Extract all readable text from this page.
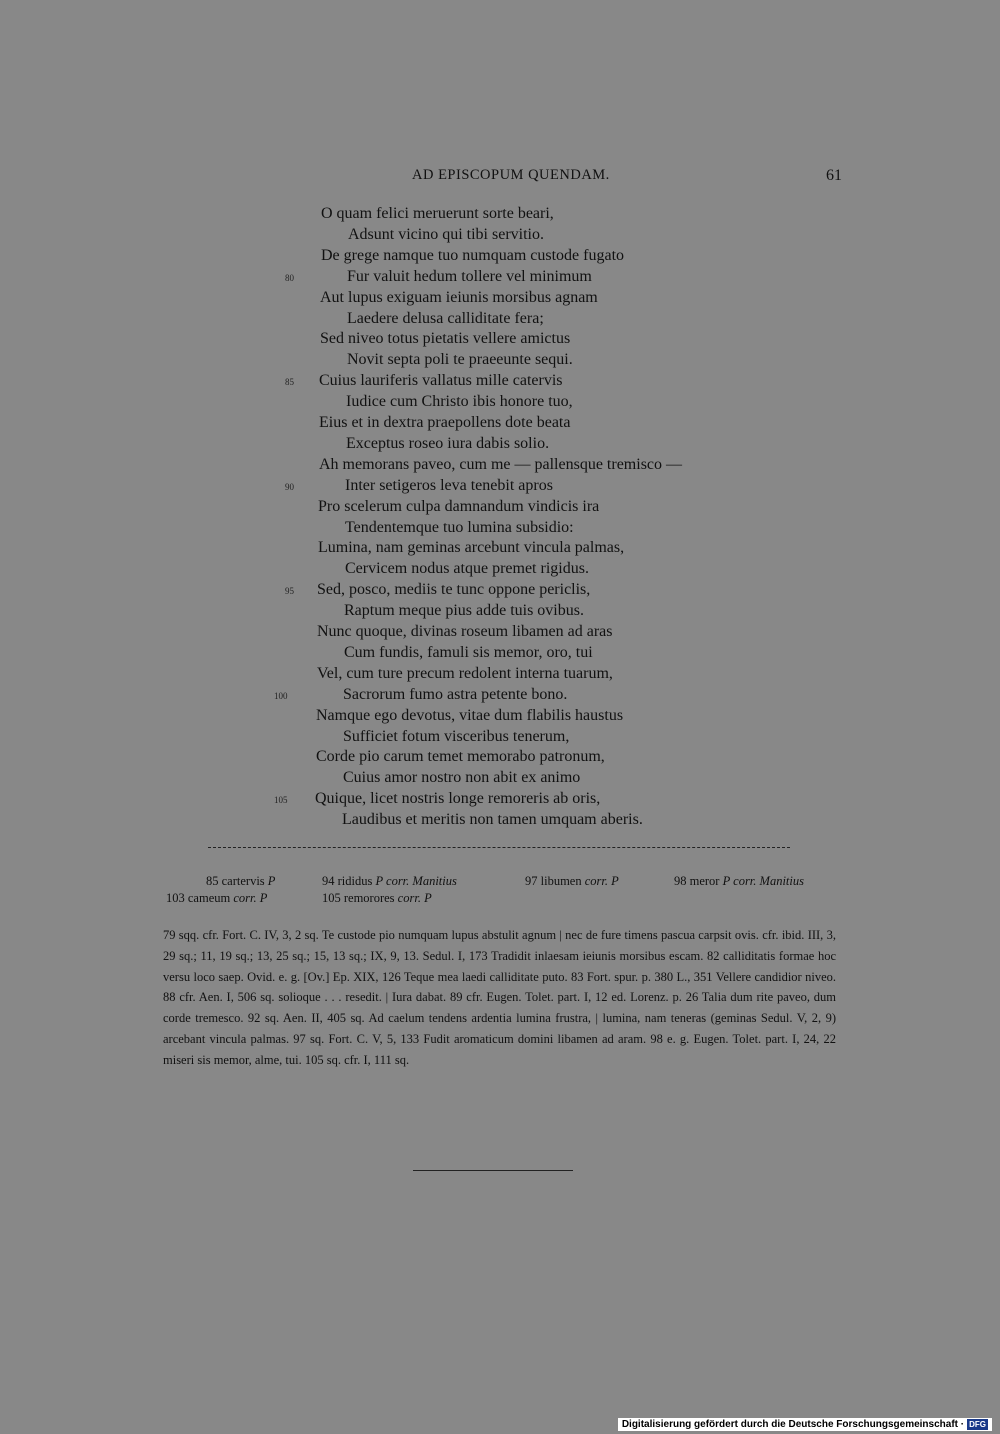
AD EPISCOPUM QUENDAM.	61
O quam felici meruerunt sorte beari,
Adsunt vicino qui tibi servitio.
De grege namque tuo numquam custode fugato
Fur valuit hedum tollere vel minimum
80
Aut lupus exiguam ieiunis morsibus agnam
Laedere delusa calliditate fera;
Sed niveo totus pietatis vellere amictus
Novit septa poli te praeeunte sequi.
Cuius lauriferis vallatus mille catervis
85
Iudice cum Christo ibis honore tuo,
Eius et in dextra praepollens dote beata
Exceptus roseo iura dabis solio.
Ah memorans paveo, cum me — pallensque tremisco —
Inter setigeros leva tenebit apros
90
Pro scelerum culpa damnandum vindicis ira
Tendentemque tuo lumina subsidio:
Lumina, nam geminas arcebunt vincula palmas,
Cervicem nodus atque premet rigidus.
Sed, posco, mediis te tunc oppone periclis,
95
Raptum meque pius adde tuis ovibus.
Nunc quoque, divinas roseum libamen ad aras
Cum fundis, famuli sis memor, oro, tui
Vel, cum ture precum redolent interna tuarum,
Sacrorum fumo astra petente bono.
100
Namque ego devotus, vitae dum flabilis haustus
Sufficiet fotum visceribus tenerum,
Corde pio carum temet memorabo patronum,
Cuius amor nostro non abit ex animo
Quique, licet nostris longe remoreris ab oris,
105
Laudibus et meritis non tamen umquam aberis.
85 cartervis P	94 rididus P corr. Manitius	97 libumen corr. P	98 meror P corr. Manitius
103 cameum corr. P	105 remorores corr. P
79 sqq. cfr. Fort. C. IV, 3, 2 sq. Te custode pio numquam lupus abstulit agnum | nec de fure timens pascua carpsit ovis. cfr. ibid. III, 3, 29 sq.; 11, 19 sq.; 13, 25 sq.; 15, 13 sq.; IX, 9, 13. Sedul. I, 173 Tradidit inlaesam ieiunis morsibus escam. 82 calliditatis formae hoc versu loco saep. Ovid. e. g. [Ov.] Ep. XIX, 126 Teque mea laedi calliditate puto. 83 Fort. spur. p. 380 L., 351 Vellere candidior niveo. 88 cfr. Aen. I, 506 sq. solioque . . . resedit. | Iura dabat. 89 cfr. Eugen. Tolet. part. I, 12 ed. Lorenz. p. 26 Talia dum rite paveo, dum corde tremesco. 92 sq. Aen. II, 405 sq. Ad caelum tendens ardentia lumina frustra, | lumina, nam teneras (geminas Sedul. V, 2, 9) arcebant vincula palmas. 97 sq. Fort. C. V, 5, 133 Fudit aromaticum domini libamen ad aram. 98 e. g. Eugen. Tolet. part. I, 24, 22 miseri sis memor, alme, tui. 105 sq. cfr. I, 111 sq.
Digitalisierung gefördert durch die Deutsche Forschungsgemeinschaft · DFG
